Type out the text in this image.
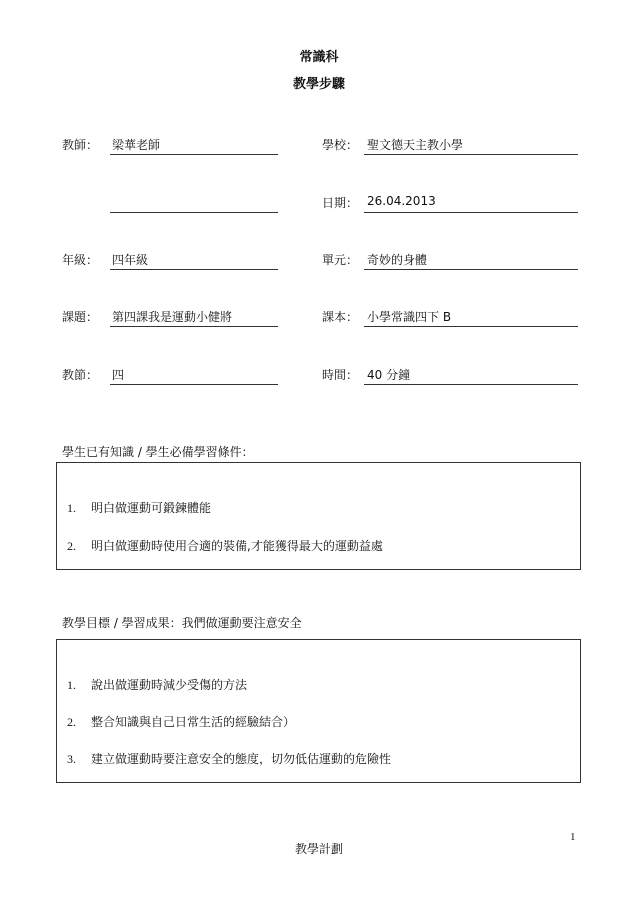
常識科
教學步驟
教師： 梁華老師	學校： 聖文德天主教小學
日期： 26.04.2013
年級： 四年級	單元： 奇妙的身體
課題： 第四課我是運動小健將	課本： 小學常識四下 B
教節： 四	時間： 40 分鐘
學生已有知識 / 學生必備學習條件：
1. 明白做運動可鍛鍊體能
2. 明白做運動時使用合適的裝備,才能獲得最大的運動益處
教學目標 / 學習成果：我們做運動要注意安全
1. 說出做運動時減少受傷的方法
2. 整合知識與自己日常生活的經驗結合）
3. 建立做運動時要注意安全的態度，切勿低估運動的危險性
1
教學計劃
